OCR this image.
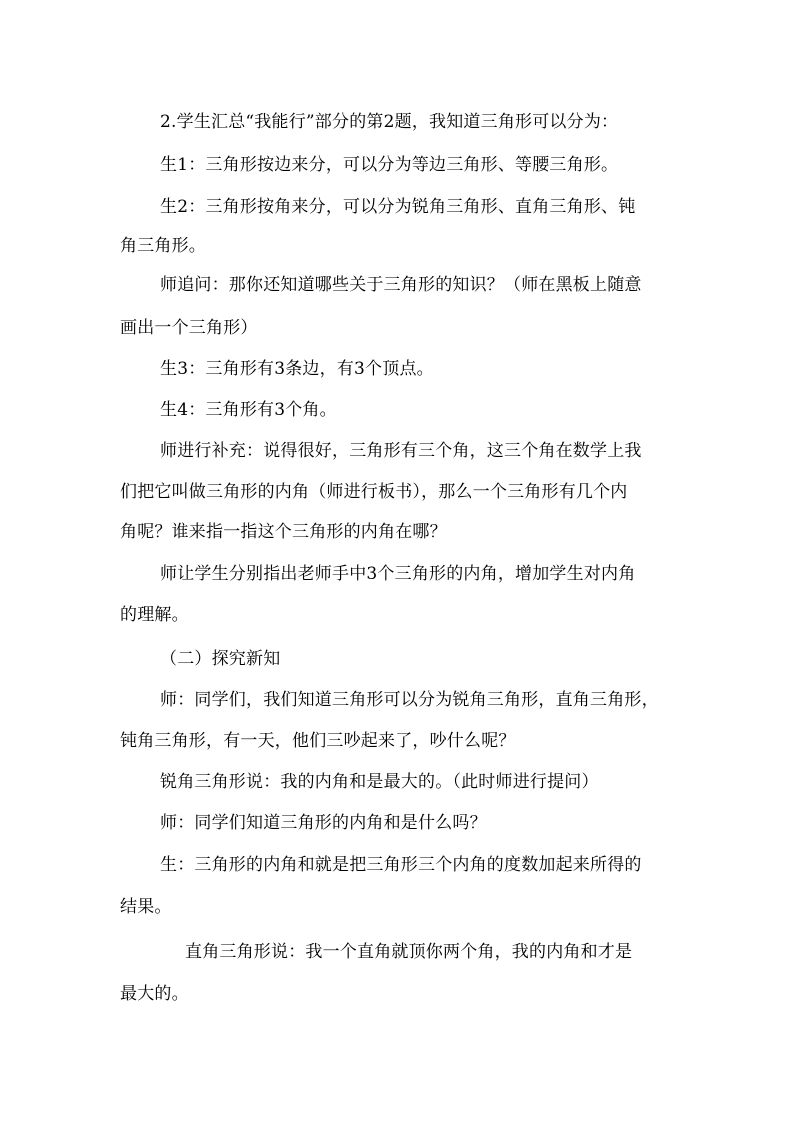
2.学生汇总“我能行”部分的第2题，我知道三角形可以分为：
生1：三角形按边来分，可以分为等边三角形、等腰三角形。
生2：三角形按角来分，可以分为锐角三角形、直角三角形、钝
角三角形。
师追问：那你还知道哪些关于三角形的知识？（师在黑板上随意
画出一个三角形）
生3：三角形有3条边，有3个顶点。
生4：三角形有3个角。
师进行补充：说得很好，三角形有三个角，这三个角在数学上我
们把它叫做三角形的内角（师进行板书），那么一个三角形有几个内
角呢？谁来指一指这个三角形的内角在哪？
师让学生分别指出老师手中3个三角形的内角，增加学生对内角
的理解。
（二）探究新知
师：同学们，我们知道三角形可以分为锐角三角形，直角三角形，
钝角三角形，有一天，他们三吵起来了，吵什么呢？
锐角三角形说：我的内角和是最大的。（此时师进行提问）
师：同学们知道三角形的内角和是什么吗？
生：三角形的内角和就是把三角形三个内角的度数加起来所得的
结果。
直角三角形说：我一个直角就顶你两个角，我的内角和才是
最大的。
